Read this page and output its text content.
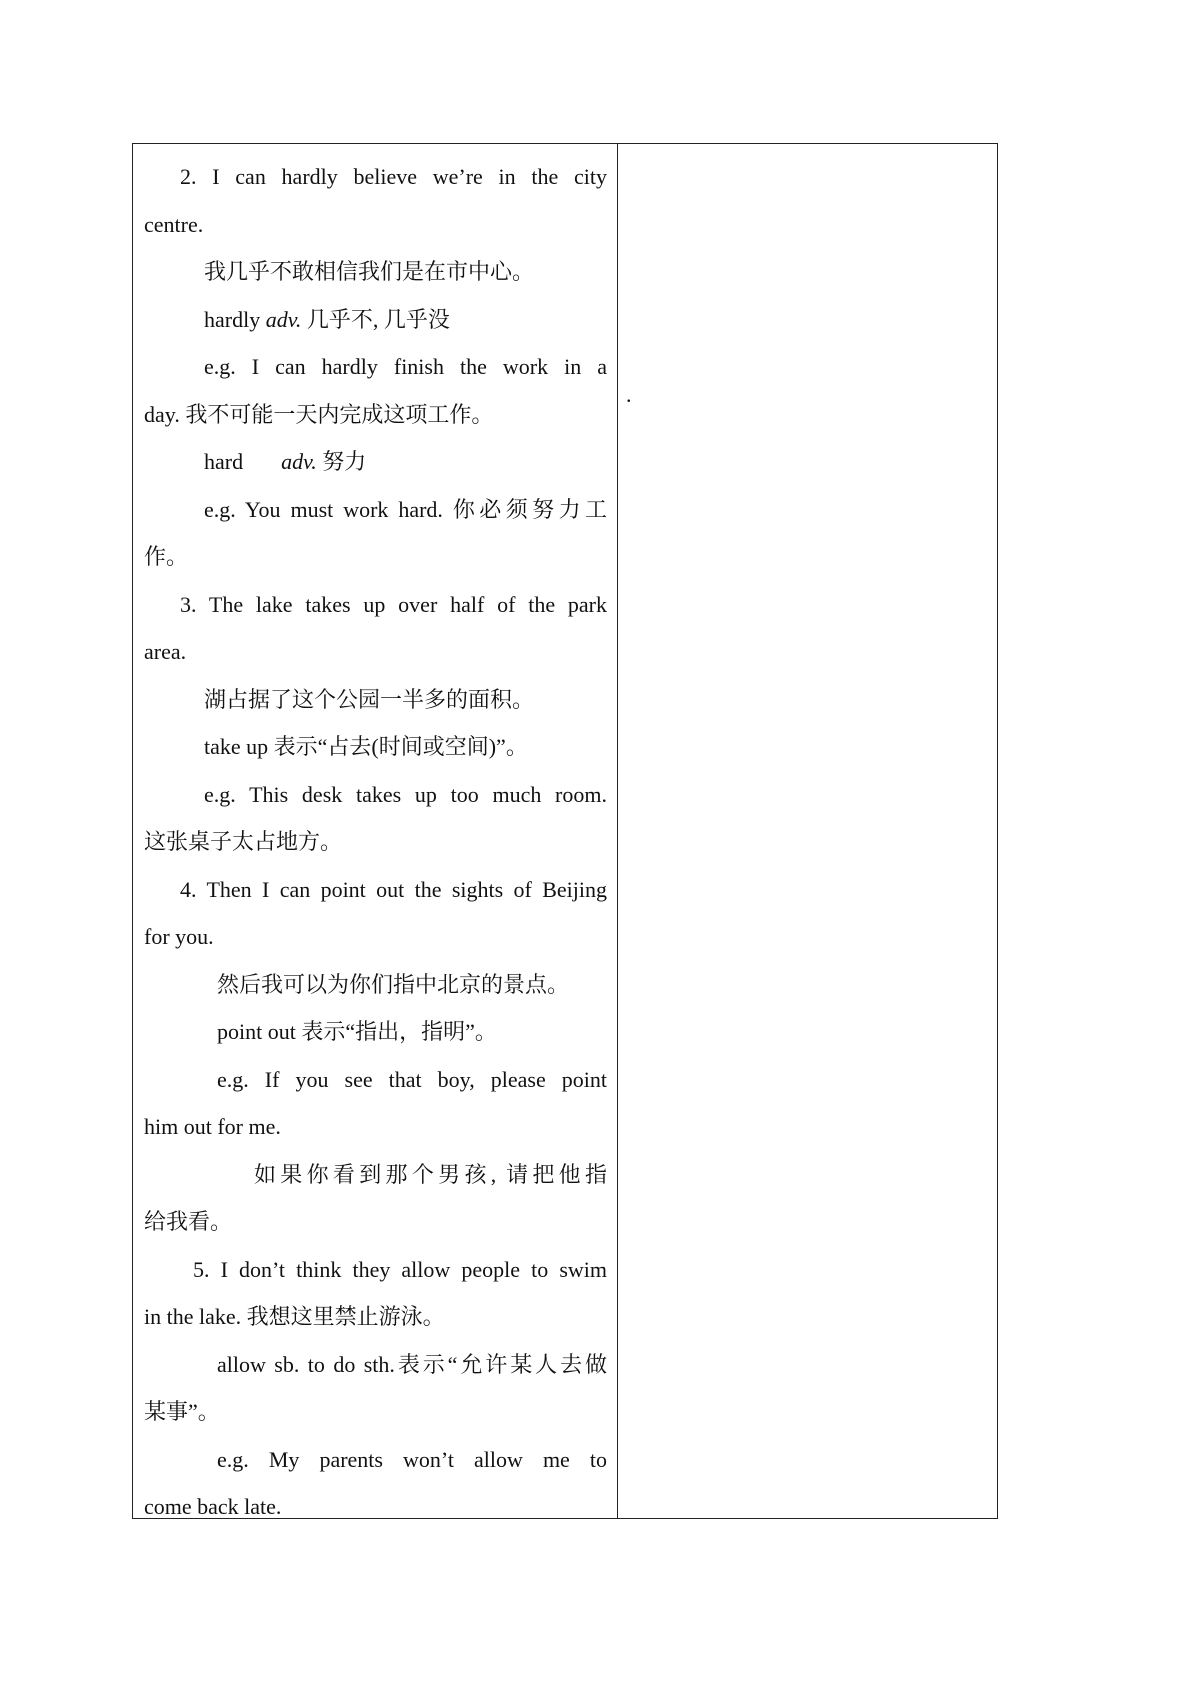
2. I can hardly believe we’re in the city
centre.
我几乎不敢相信我们是在市中心。
hardly adv. 几乎不, 几乎没
e.g. I can hardly finish the work in a
day. 我不可能一天内完成这项工作。
hard adv. 努力
e.g. You must work hard. 你必须努力工
作。
3. The lake takes up over half of the park
area.
湖占据了这个公园一半多的面积。
take up 表示“占去(时间或空间)”。
e.g. This desk takes up too much room.
这张桌子太占地方。
4. Then I can point out the sights of Beijing
for you.
然后我可以为你们指中北京的景点。
point out 表示“指出，指明”。
e.g. If you see that boy, please point
him out for me.
如果你看到那个男孩, 请把他指
给我看。
5. I don’t think they allow people to swim
in the lake. 我想这里禁止游泳。
allow sb. to do sth.表示“允许某人去做
某事”。
e.g. My parents won’t allow me to
come back late.
.
